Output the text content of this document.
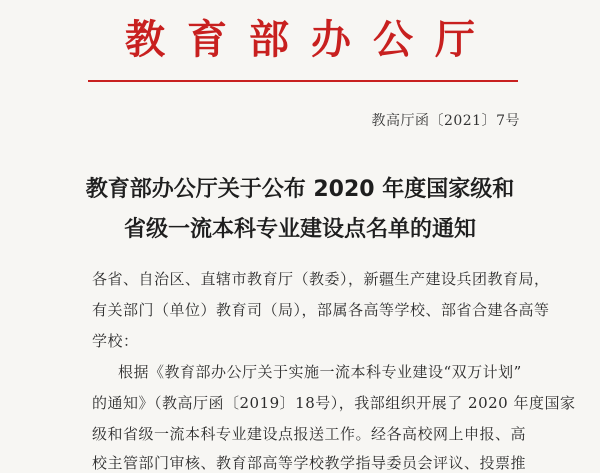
教育部办公厅
教高厅函〔2021〕7号
教育部办公厅关于公布 2020 年度国家级和
省级一流本科专业建设点名单的通知
各省、自治区、直辖市教育厅（教委），新疆生产建设兵团教育局，
有关部门（单位）教育司（局），部属各高等学校、部省合建各高等
学校：
根据《教育部办公厅关于实施一流本科专业建设“双万计划”
的通知》（教高厅函〔2019〕18号），我部组织开展了 2020 年度国家
级和省级一流本科专业建设点报送工作。经各高校网上申报、高
校主管部门审核、教育部高等学校教学指导委员会评议、投票推
